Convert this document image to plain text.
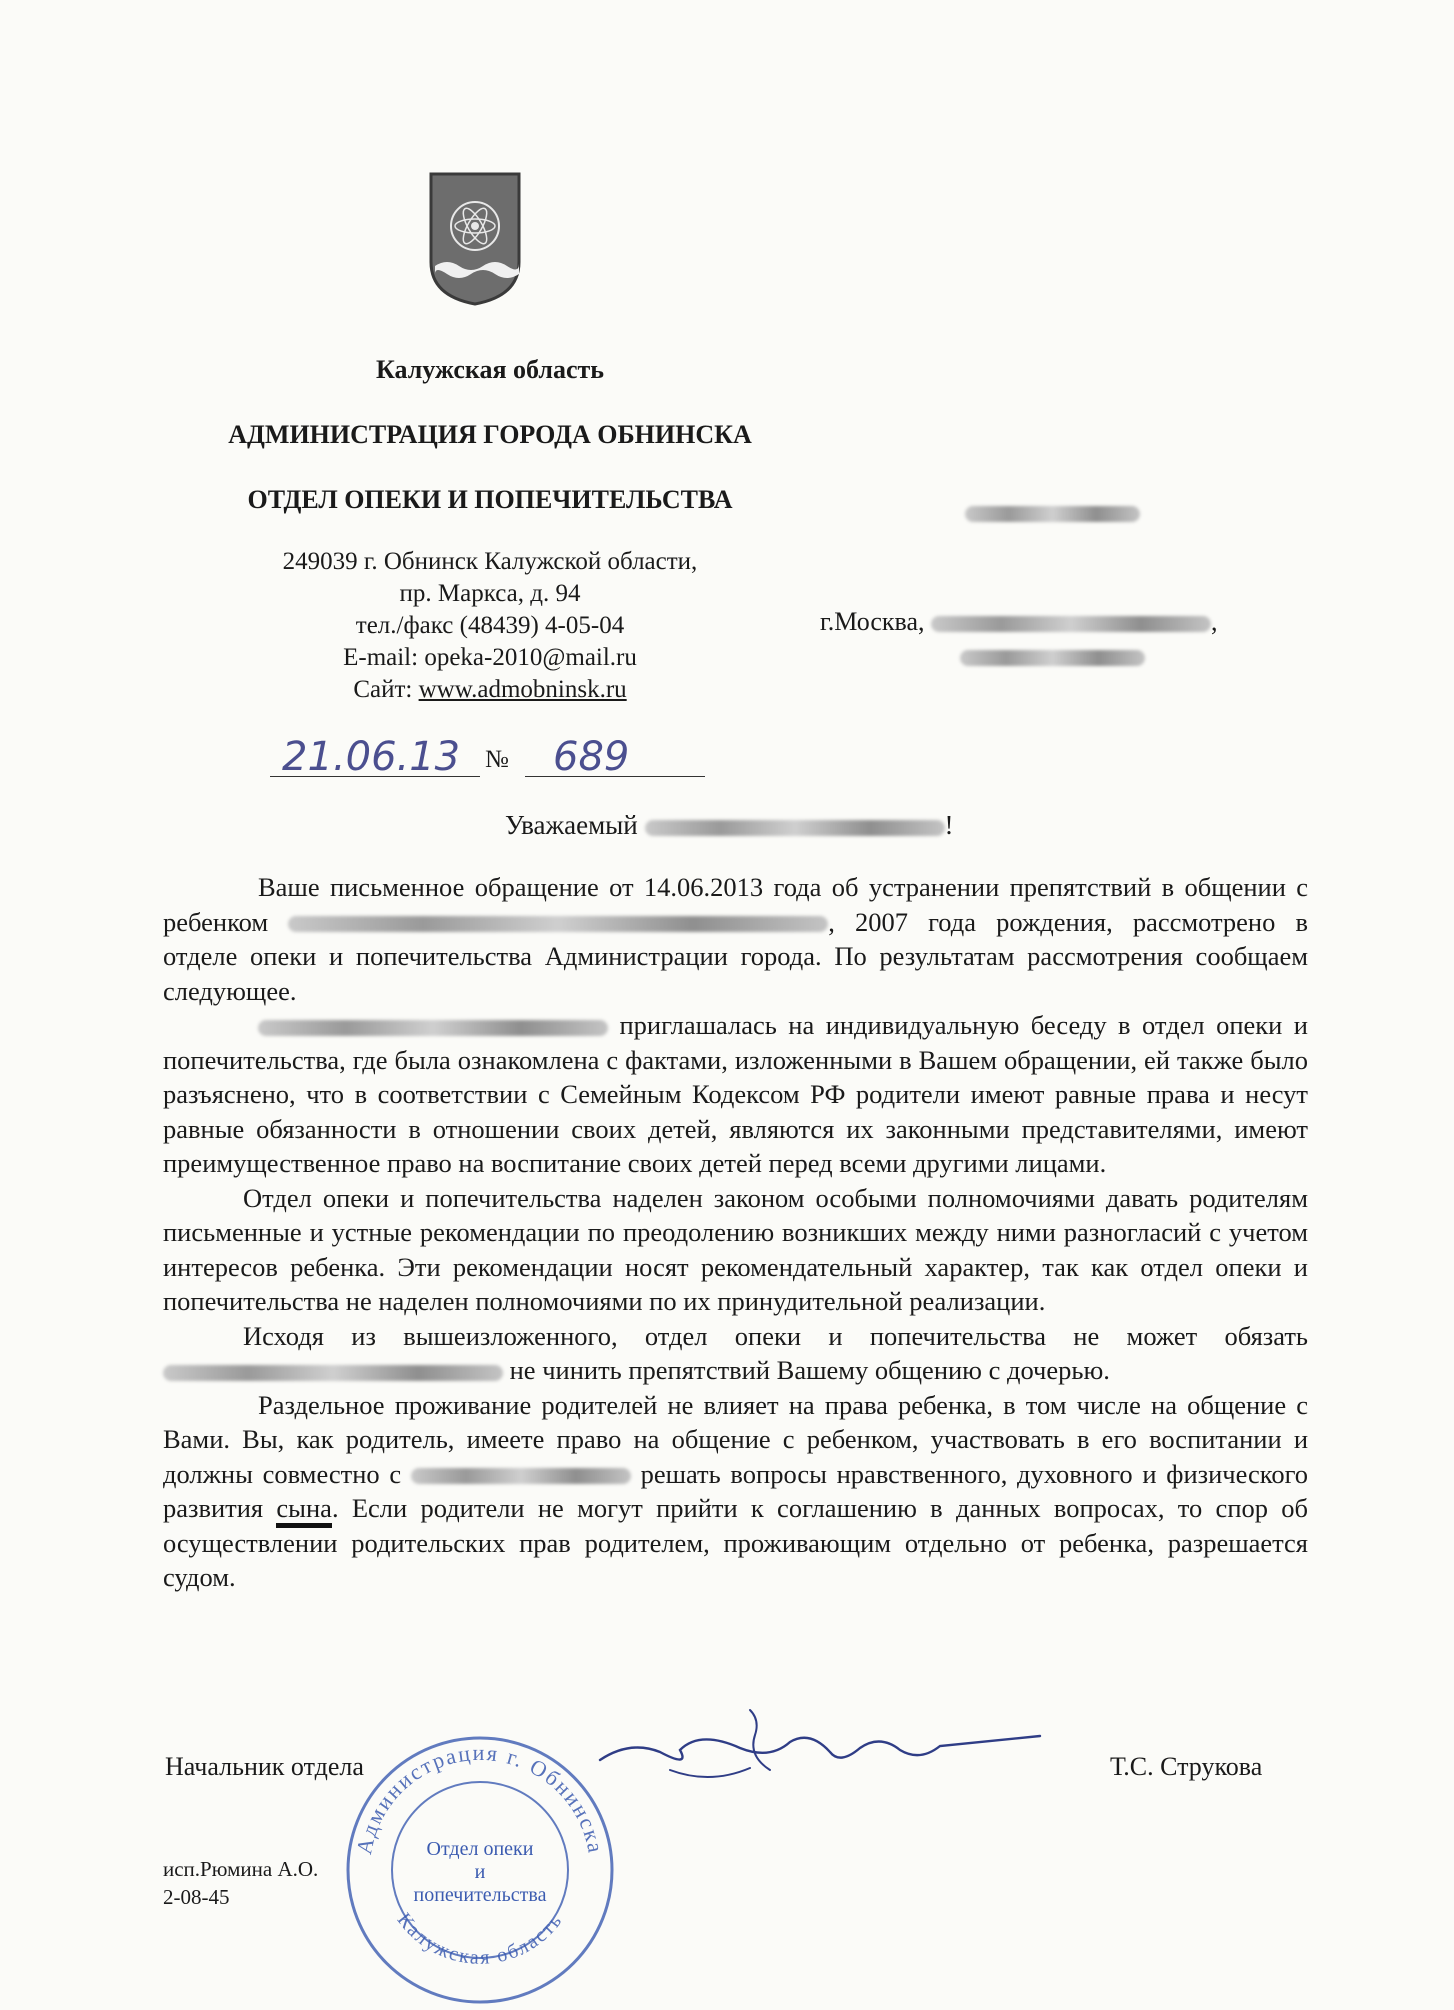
Калужская область
АДМИНИСТРАЦИЯ ГОРОДА ОБНИНСКА
ОТДЕЛ ОПЕКИ И ПОПЕЧИТЕЛЬСТВА
249039 г. Обнинск Калужской области,
пр. Маркса, д. 94
тел./факс (48439) 4-05-04
E-mail: opeka-2010@mail.ru
Сайт: www.admobninsk.ru
г.Москва,	,
21.06.13 № 689
Уважаемый	!

Ваше письменное обращение от 14.06.2013 года об устранении препятствий в общении с ребенком	, 2007 года рождения, рассмотрено в отделе опеки и попечительства Администрации города. По результатам рассмотрения сообщаем следующее.

приглашалась на индивидуальную беседу в отдел опеки и попечительства, где была ознакомлена с фактами, изложенными в Вашем обращении, ей также было разъяснено, что в соответствии с Семейным Кодексом РФ родители имеют равные права и несут равные обязанности в отношении своих детей, являются их законными представителями, имеют преимущественное право на воспитание своих детей перед всеми другими лицами.

Отдел опеки и попечительства наделен законом особыми полномочиями давать родителям письменные и устные рекомендации по преодолению возникших между ними разногласий с учетом интересов ребенка. Эти рекомендации носят рекомендательный характер, так как отдел опеки и попечительства не наделен полномочиями по их принудительной реализации.

Исходя из вышеизложенного, отдел опеки и попечительства не может обязать  не чинить препятствий Вашему общению с дочерью.

Раздельное проживание родителей не влияет на права ребенка, в том числе на общение с Вами. Вы, как родитель, имеете право на общение с ребенком, участвовать в его воспитании и должны совместно с	решать вопросы нравственного, духовного и физического развития сына. Если родители не могут прийти к соглашению в данных вопросах, то спор об осуществлении родительских прав родителем, проживающим отдельно от ребенка, разрешается судом.

Начальник отдела	Т.С. Струкова
Администрация г. Обнинска
Калужская область
Отдел опеки
и
попечительства
исп.Рюмина А.О.
2-08-45
